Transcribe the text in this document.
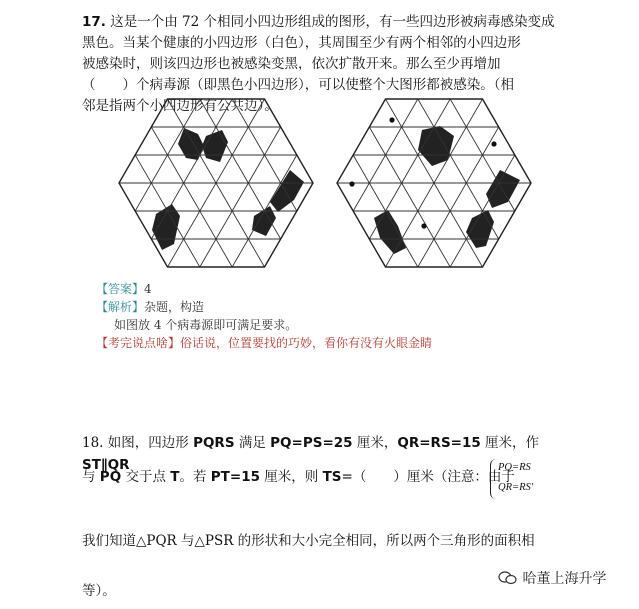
17. 这是一个由 72 个相同小四边形组成的图形，有一些四边形被病毒感染变成
黑色。当某个健康的小四边形（白色），其周围至少有两个相邻的小四边形
被感染时，则该四边形也被感染变黑，依次扩散开来。那么至少再增加
（　　）个病毒源（即黑色小四边形），可以使整个大图形都被感染。（相
邻是指两个小四边形有公共边）。
【答案】4
【解析】杂题，构造
如图放 4 个病毒源即可满足要求。
【考完说点啥】俗话说，位置要找的巧妙，看你有没有火眼金睛
18. 如图，四边形 PQRS 满足 PQ=PS=25 厘米，QR=RS=15 厘米，作 ST∥QR
与 PQ 交于点 T。若 PT=15 厘米，则 TS=（　　）厘米（注意：由于
PQ=RS
QR=RS'
我们知道△PQR 与△PSR 的形状和大小完全相同，所以两个三角形的面积相
等）。
哈董上海升学
